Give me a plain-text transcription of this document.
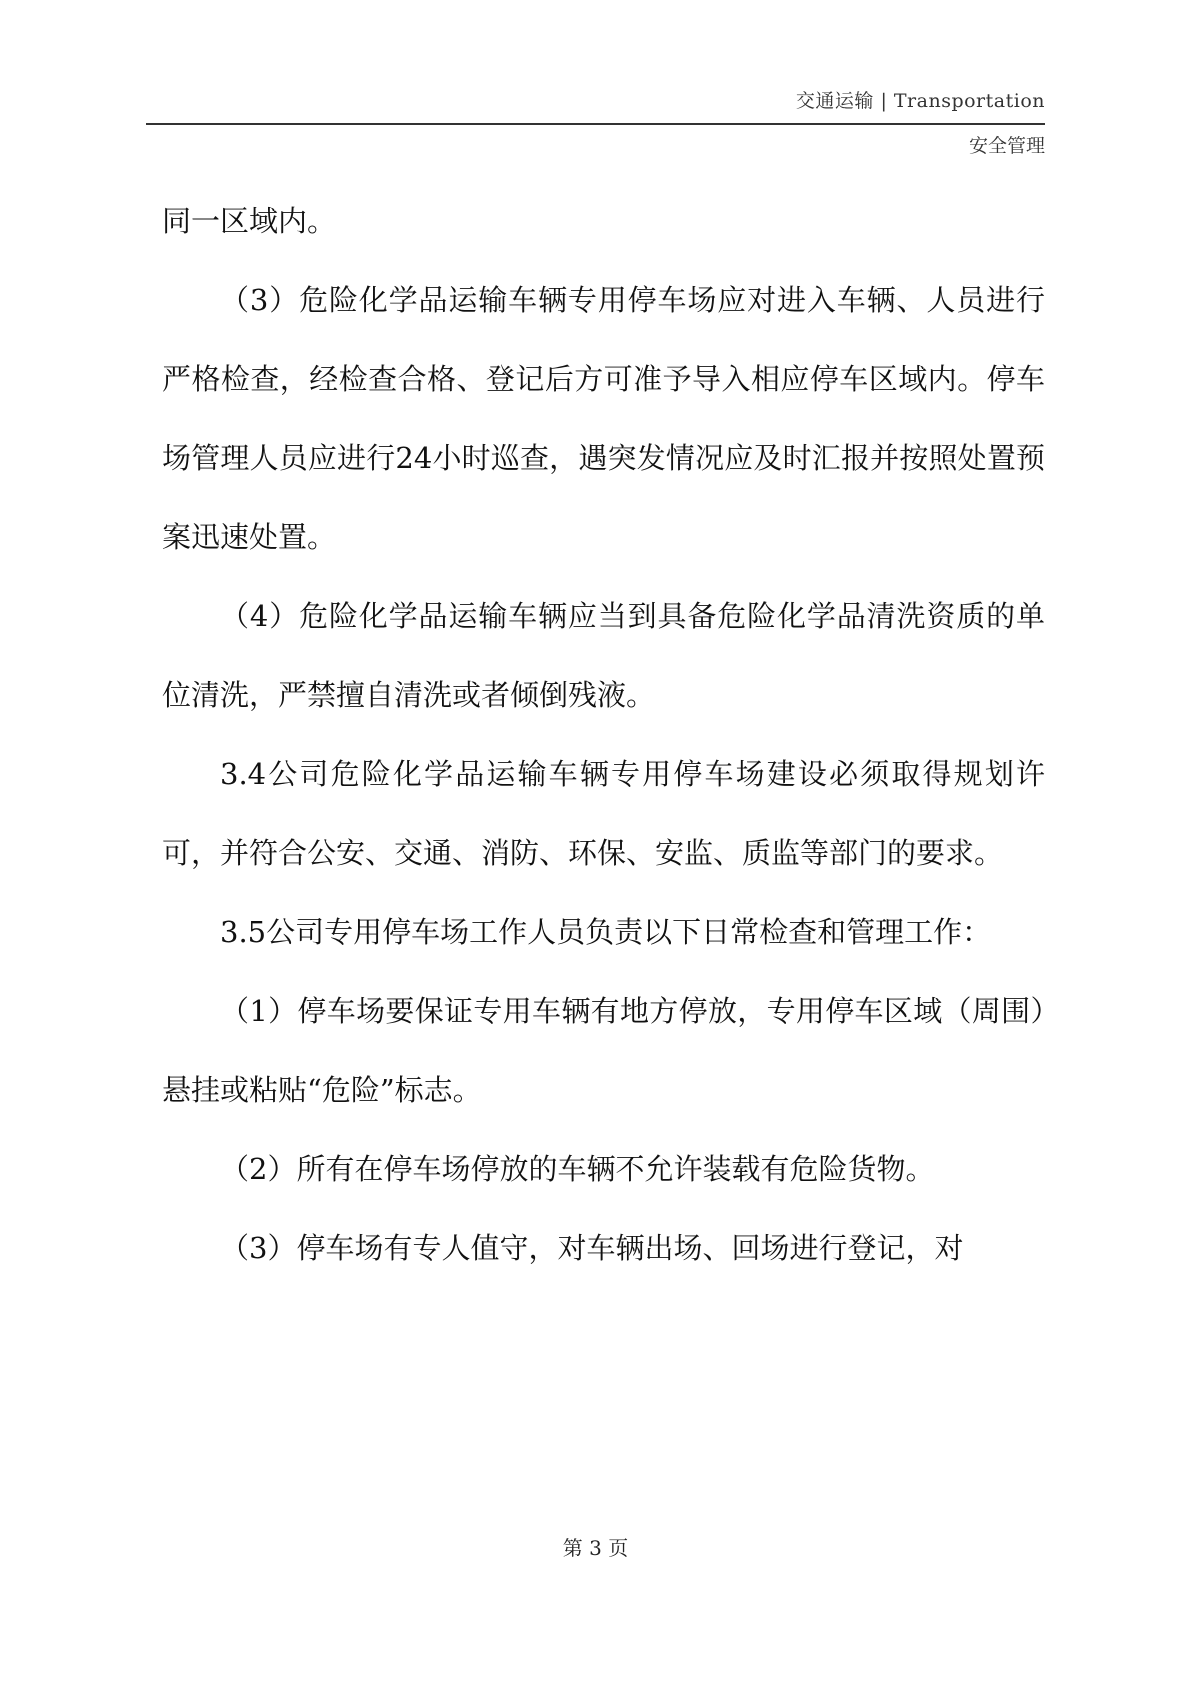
交通运输 | Transportation
安全管理

同一区域内。

（3）危险化学品运输车辆专用停车场应对进入车辆、人员进行严格检查，经检查合格、登记后方可准予导入相应停车区域内。停车场管理人员应进行24小时巡查，遇突发情况应及时汇报并按照处置预案迅速处置。

（4）危险化学品运输车辆应当到具备危险化学品清洗资质的单位清洗，严禁擅自清洗或者倾倒残液。

3.4公司危险化学品运输车辆专用停车场建设必须取得规划许可，并符合公安、交通、消防、环保、安监、质监等部门的要求。

3.5公司专用停车场工作人员负责以下日常检查和管理工作：

（1）停车场要保证专用车辆有地方停放，专用停车区域（周围）悬挂或粘贴“危险”标志。

（2）所有在停车场停放的车辆不允许装载有危险货物。

（3）停车场有专人值守，对车辆出场、回场进行登记，对

第 3 页
